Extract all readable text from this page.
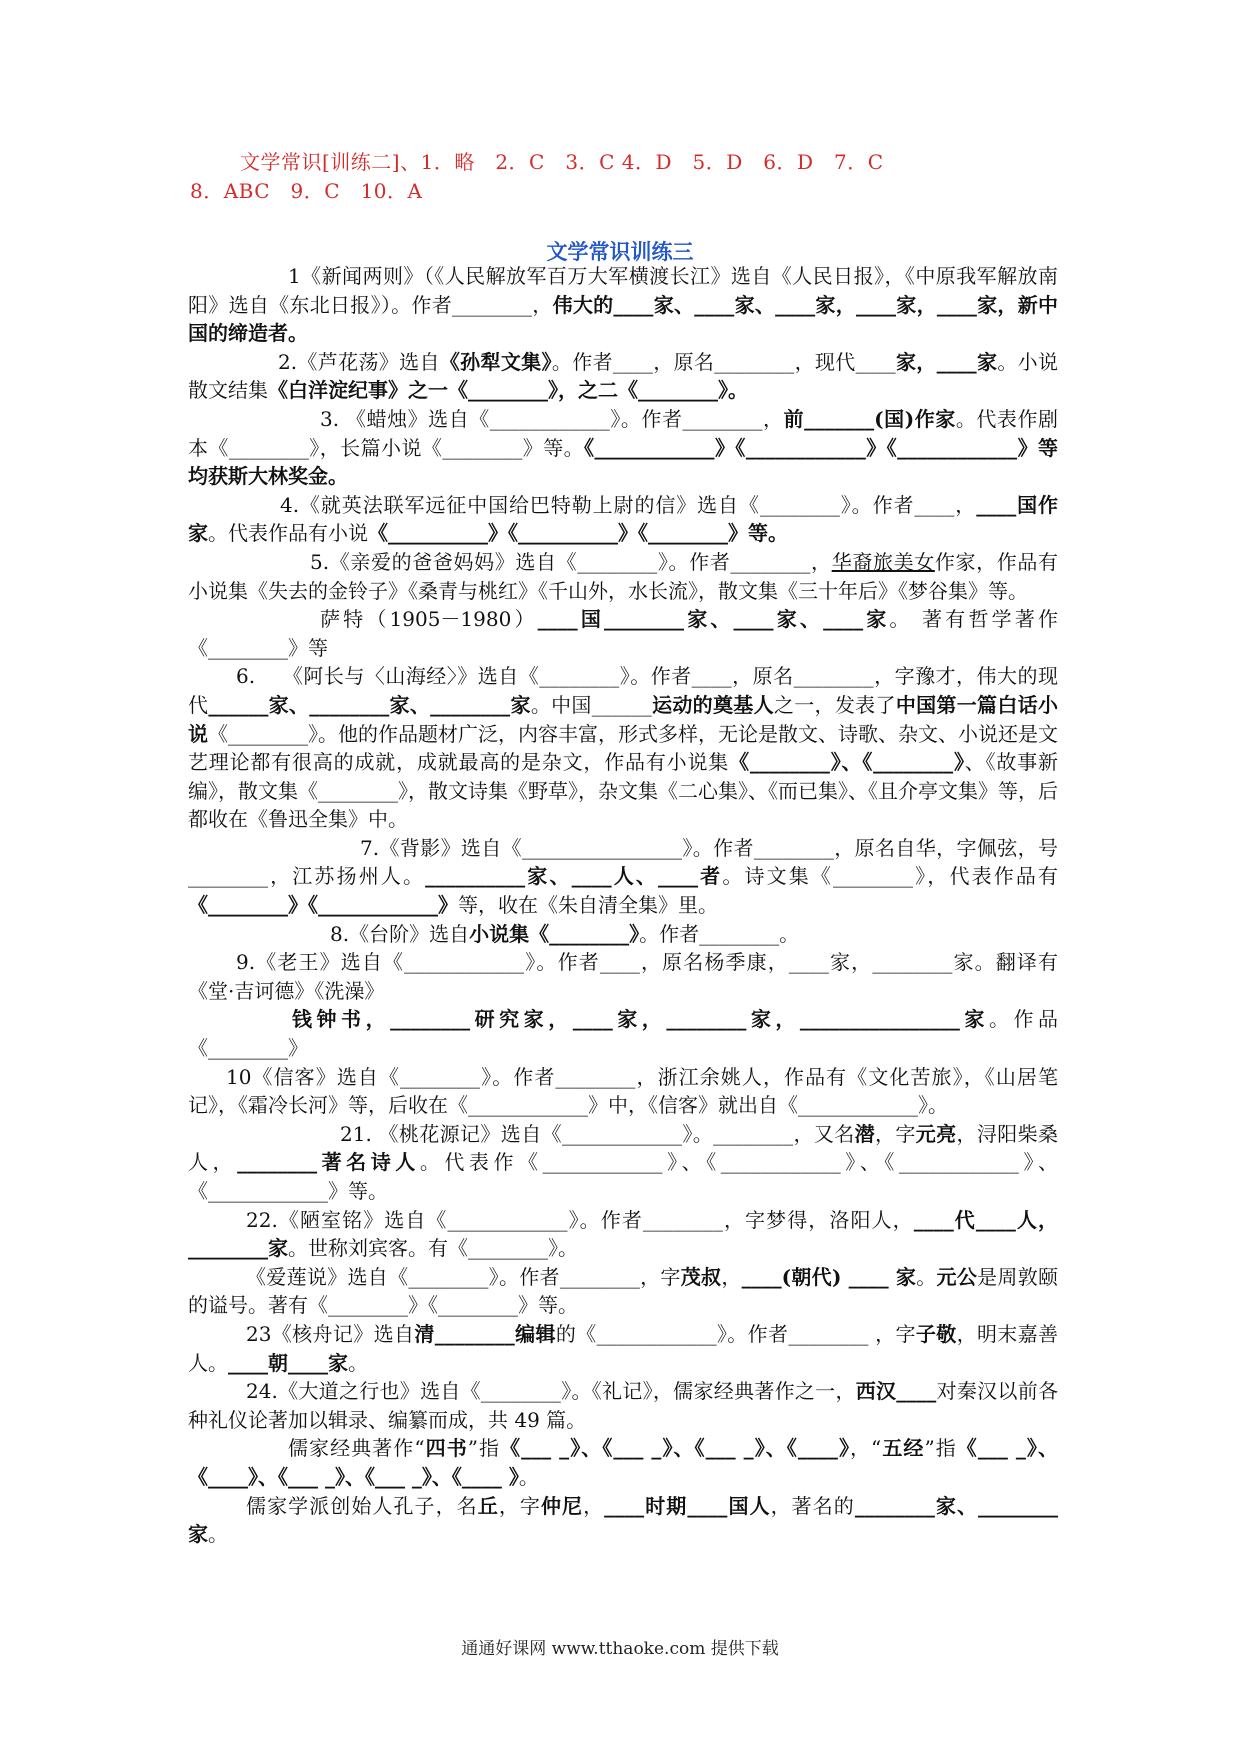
文学常识[训练二]、1．略　2．C　3．C 4．D　5．D　6．D　7．C
8．ABC　9．C　10．A
文学常识训练三

1《新闻两则》（《人民解放军百万大军横渡长江》选自《人民日报》，《中原我军解放南阳》选自《东北日报》）。作者________，伟大的____家、____家、____家，____家，____家，新中国的缔造者。

2.《芦花荡》选自《孙犁文集》。作者____，原名________，现代____家，____家。小说散文结集《白洋淀纪事》之一《________》，之二《________》。

3. 《蜡烛》选自《____________》。作者________，前_______(国)作家。代表作剧本《________》，长篇小说《________》等。《____________》《____________》《____________》等均获斯大林奖金。

4.《就英法联军远征中国给巴特勒上尉的信》选自《________》。作者____，____国作家。代表作品有小说《__________》《__________》《________》等。

5.《亲爱的爸爸妈妈》选自《________》。作者________，华裔旅美女作家，作品有小说集《失去的金铃子》《桑青与桃红》《千山外，水长流》，散文集《三十年后》《梦谷集》等。

萨特（1905－1980）____国________家、____家、____家。 著有哲学著作《________》等

6.　 《阿长与〈山海经〉》选自《________》。作者____，原名________，字豫才，伟大的现代______家、________家、________家。中国______运动的奠基人之一，发表了中国第一篇白话小说《________》。他的作品题材广泛，内容丰富，形式多样，无论是散文、诗歌、杂文、小说还是文艺理论都有很高的成就，成就最高的是杂文，作品有小说集《________》、《________》、《故事新编》，散文集《________》，散文诗集《野草》，杂文集《二心集》、《而已集》、《且介亭文集》等，后都收在《鲁迅全集》中。

7.《背影》选自《________________》。作者________，原名自华，字佩弦，号________，江苏扬州人。__________家、____人、____者。诗文集《________》，代表作品有《________》《____________》等，收在《朱自清全集》里。

8.《台阶》选自小说集《________》。作者________。

9.《老王》选自《____________》。作者____，原名杨季康，____家，________家。翻译有《堂·吉诃德》《洗澡》

钱钟书，________研究家，____家，________家，________________家。作品《________》

10《信客》选自《________》。作者________，浙江余姚人，作品有《文化苦旅》，《山居笔记》，《霜冷长河》等，后收在《____________》中，《信客》就出自《____________》。

21. 《桃花源记》选自《____________》。________，又名潜，字元亮，浔阳柴桑人，________著名诗人。代表作《____________》、《____________》、《____________》、《____________》等。

22.《陋室铭》选自《____________》。作者________，字梦得，洛阳人，____代____人，________家。世称刘宾客。有《________》。

《爱莲说》选自《________》。作者________，字茂叔，____(朝代) ____ 家。元公是周敦颐的谥号。著有《________》《________》等。

23《核舟记》选自清________编辑的《____________》。作者________ ，字子敬，明末嘉善人。____朝____家。

24.《大道之行也》选自《________》。《礼记》，儒家经典著作之一，西汉____对秦汉以前各种礼仪论著加以辑录、编纂而成，共 49 篇。

儒家经典著作“四书”指《___ _》、《___ _》、《___ _》、《____》，“五经”指《___ _》、《____》、《___ _》、《___ _》、《____ 》。

儒家学派创始人孔子，名丘，字仲尼，____时期____国人，著名的________家、________家。

通通好课网 www.tthaoke.com 提供下载
